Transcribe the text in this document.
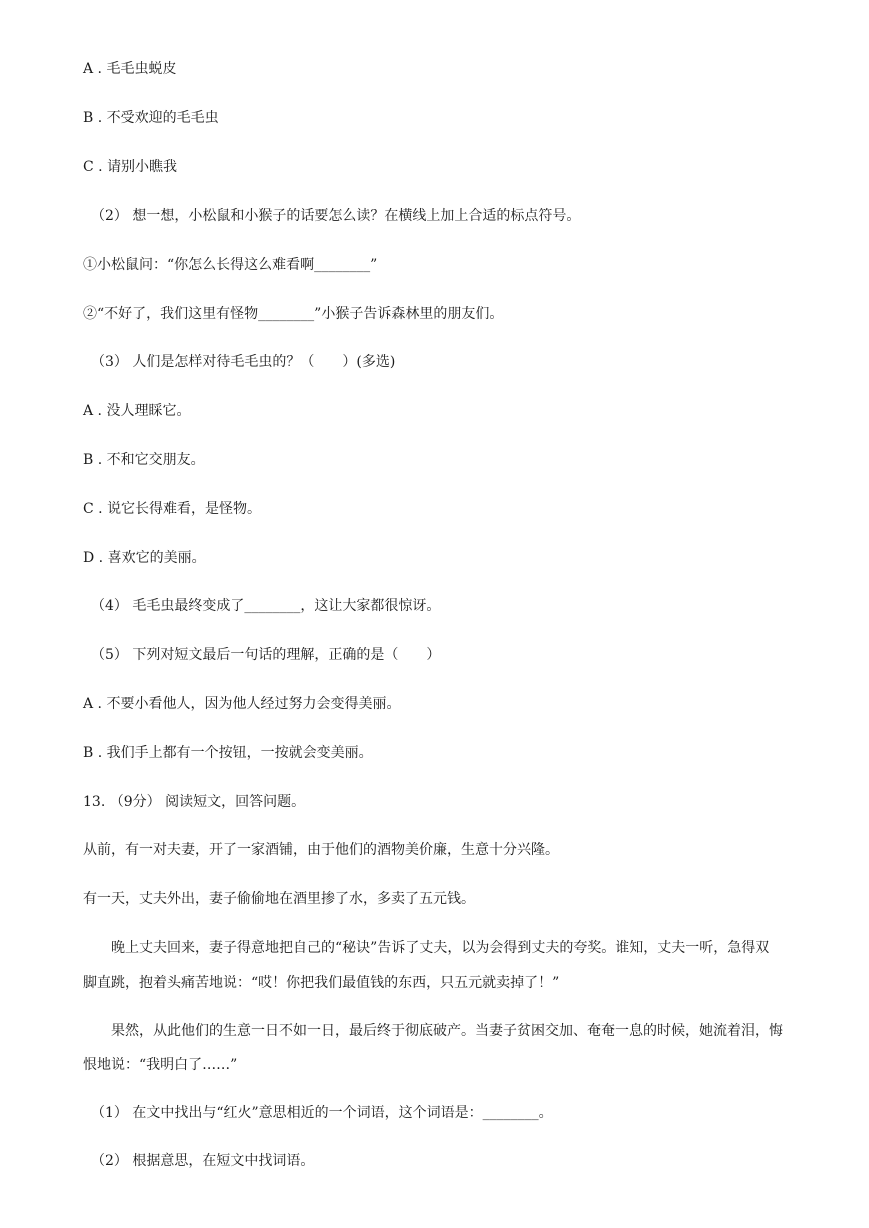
A . 毛毛虫蜕皮
B . 不受欢迎的毛毛虫
C . 请别小瞧我
（2） 想一想，小松鼠和小猴子的话要怎么读？在横线上加上合适的标点符号。
①小松鼠问：“你怎么长得这么难看啊________”
②“不好了，我们这里有怪物________”小猴子告诉森林里的朋友们。
（3） 人们是怎样对待毛毛虫的？（　　）(多选)
A . 没人理睬它。
B . 不和它交朋友。
C . 说它长得难看，是怪物。
D . 喜欢它的美丽。
（4） 毛毛虫最终变成了________，这让大家都很惊讶。
（5） 下列对短文最后一句话的理解，正确的是（　　）
A . 不要小看他人，因为他人经过努力会变得美丽。
B . 我们手上都有一个按钮，一按就会变美丽。
13. （9分） 阅读短文，回答问题。
从前，有一对夫妻，开了一家酒铺，由于他们的酒物美价廉，生意十分兴隆。
有一天，丈夫外出，妻子偷偷地在酒里掺了水，多卖了五元钱。
晚上丈夫回来，妻子得意地把自己的“秘诀”告诉了丈夫，以为会得到丈夫的夸奖。谁知，丈夫一听，急得双
脚直跳，抱着头痛苦地说：“哎！你把我们最值钱的东西，只五元就卖掉了！”
果然，从此他们的生意一日不如一日，最后终于彻底破产。当妻子贫困交加、奄奄一息的时候，她流着泪，悔
恨地说：“我明白了……”
（1） 在文中找出与“红火”意思相近的一个词语，这个词语是：________。
（2） 根据意思，在短文中找词语。
